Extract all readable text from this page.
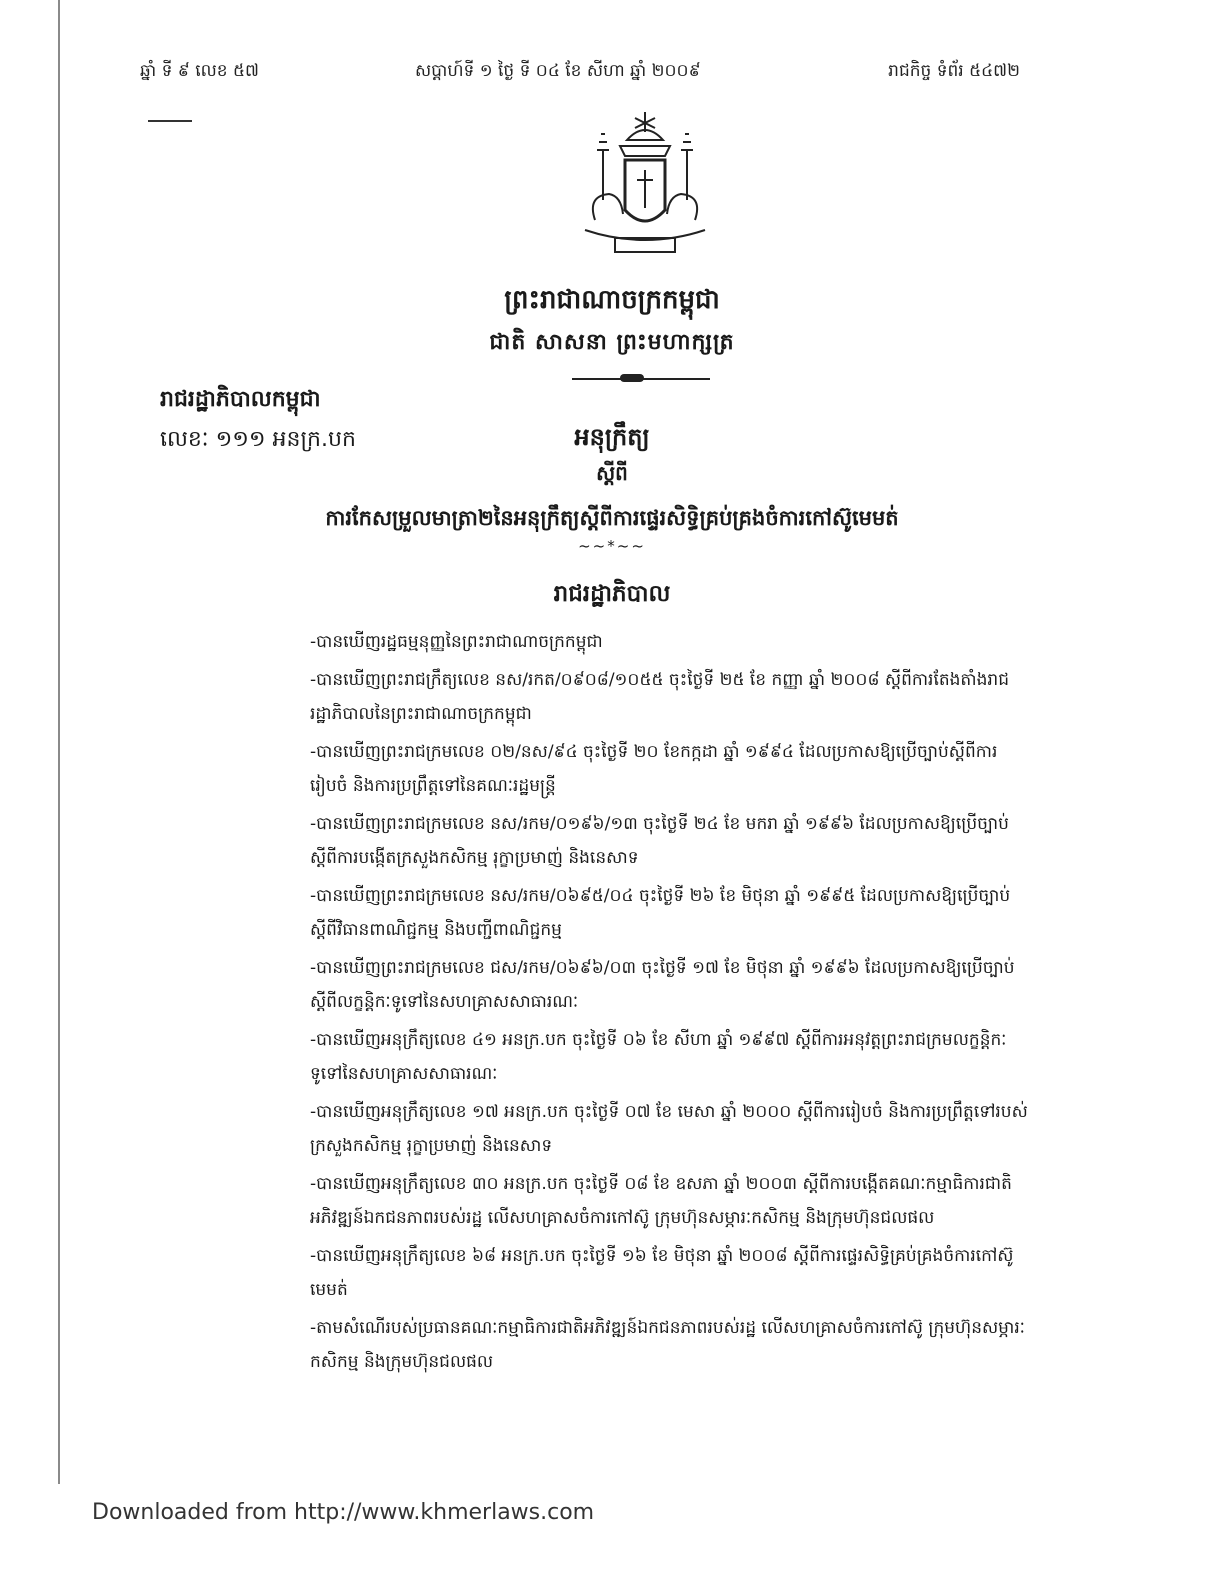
ឆ្នាំ ទី ៩ លេខ ៥៧	សប្តាហ៍ទី ១ ថ្ងៃ ទី ០៤ ខែ សីហា ឆ្នាំ ២០០៩	រាជកិច្ច ទំព័រ ៥៤៧២
ព្រះរាជាណាចក្រកម្ពុជា
ជាតិ សាសនា ព្រះមហាក្សត្រ
រាជរដ្ឋាភិបាលកម្ពុជា
លេខៈ ១១១ អនក្រ.បក	អនុក្រឹត្យ
ស្តីពី
ការកែសម្រួលមាត្រា២នៃអនុក្រឹត្យស្តីពីការផ្ទេរសិទ្ធិគ្រប់គ្រងចំការកៅស៊ូមេមត់
~~*~~
រាជរដ្ឋាភិបាល
-បានឃើញរដ្ឋធម្មនុញ្ញនៃព្រះរាជាណាចក្រកម្ពុជា
-បានឃើញព្រះរាជក្រឹត្យលេខ នស/រកត/០៩០៨/១០៥៥ ចុះថ្ងៃទី ២៥ ខែ កញ្ញា ឆ្នាំ ២០០៨ ស្តីពីការតែងតាំងរាជរដ្ឋាភិបាលនៃព្រះរាជាណាចក្រកម្ពុជា
-បានឃើញព្រះរាជក្រមលេខ ០២/នស/៩៤ ចុះថ្ងៃទី ២០ ខែកក្កដា ឆ្នាំ ១៩៩៤ ដែលប្រកាសឱ្យប្រើច្បាប់ស្តីពីការរៀបចំ និងការប្រព្រឹត្តទៅនៃគណៈរដ្ឋមន្ត្រី
-បានឃើញព្រះរាជក្រមលេខ នស/រកម/០១៩៦/១៣ ចុះថ្ងៃទី ២៤ ខែ មករា ឆ្នាំ ១៩៩៦ ដែលប្រកាសឱ្យប្រើច្បាប់ស្តីពីការបង្កើតក្រសួងកសិកម្ម រុក្ខាប្រមាញ់ និងនេសាទ
-បានឃើញព្រះរាជក្រមលេខ នស/រកម/០៦៩៥/០៤ ចុះថ្ងៃទី ២៦ ខែ មិថុនា ឆ្នាំ ១៩៩៥ ដែលប្រកាសឱ្យប្រើច្បាប់ស្តីពីវិធានពាណិជ្ជកម្ម និងបញ្ជីពាណិជ្ជកម្ម
-បានឃើញព្រះរាជក្រមលេខ ជស/រកម/០៦៩៦/០៣ ចុះថ្ងៃទី ១៧ ខែ មិថុនា ឆ្នាំ ១៩៩៦ ដែលប្រកាសឱ្យប្រើច្បាប់ស្តីពីលក្ខន្តិកៈទូទៅនៃសហគ្រាសសាធារណៈ
-បានឃើញអនុក្រឹត្យលេខ ៤១ អនក្រ.បក ចុះថ្ងៃទី ០៦ ខែ សីហា ឆ្នាំ ១៩៩៧ ស្តីពីការអនុវត្តព្រះរាជក្រមលក្ខន្តិកៈទូទៅនៃសហគ្រាសសាធារណៈ
-បានឃើញអនុក្រឹត្យលេខ ១៧ អនក្រ.បក ចុះថ្ងៃទី ០៧ ខែ មេសា ឆ្នាំ ២០០០ ស្តីពីការរៀបចំ និងការប្រព្រឹត្តទៅរបស់ក្រសួងកសិកម្ម រុក្ខាប្រមាញ់ និងនេសាទ
-បានឃើញអនុក្រឹត្យលេខ ៣០ អនក្រ.បក ចុះថ្ងៃទី ០៨ ខែ ឧសភា ឆ្នាំ ២០០៣ ស្តីពីការបង្កើតគណៈកម្មាធិការជាតិអភិវឌ្ឍន៍ឯកជនភាពរបស់រដ្ឋ លើសហគ្រាសចំការកៅស៊ូ ក្រុមហ៊ុនសម្ភារៈកសិកម្ម និងក្រុមហ៊ុនជលផល
-បានឃើញអនុក្រឹត្យលេខ ៦៨ អនក្រ.បក ចុះថ្ងៃទី ១៦ ខែ មិថុនា ឆ្នាំ ២០០៨ ស្តីពីការផ្ទេរសិទ្ធិគ្រប់គ្រងចំការកៅស៊ូមេមត់
-តាមសំណើរបស់ប្រធានគណៈកម្មាធិការជាតិអភិវឌ្ឍន៍ឯកជនភាពរបស់រដ្ឋ លើសហគ្រាសចំការកៅស៊ូ ក្រុមហ៊ុនសម្ភារៈកសិកម្ម និងក្រុមហ៊ុនជលផល
Downloaded from http://www.khmerlaws.com
